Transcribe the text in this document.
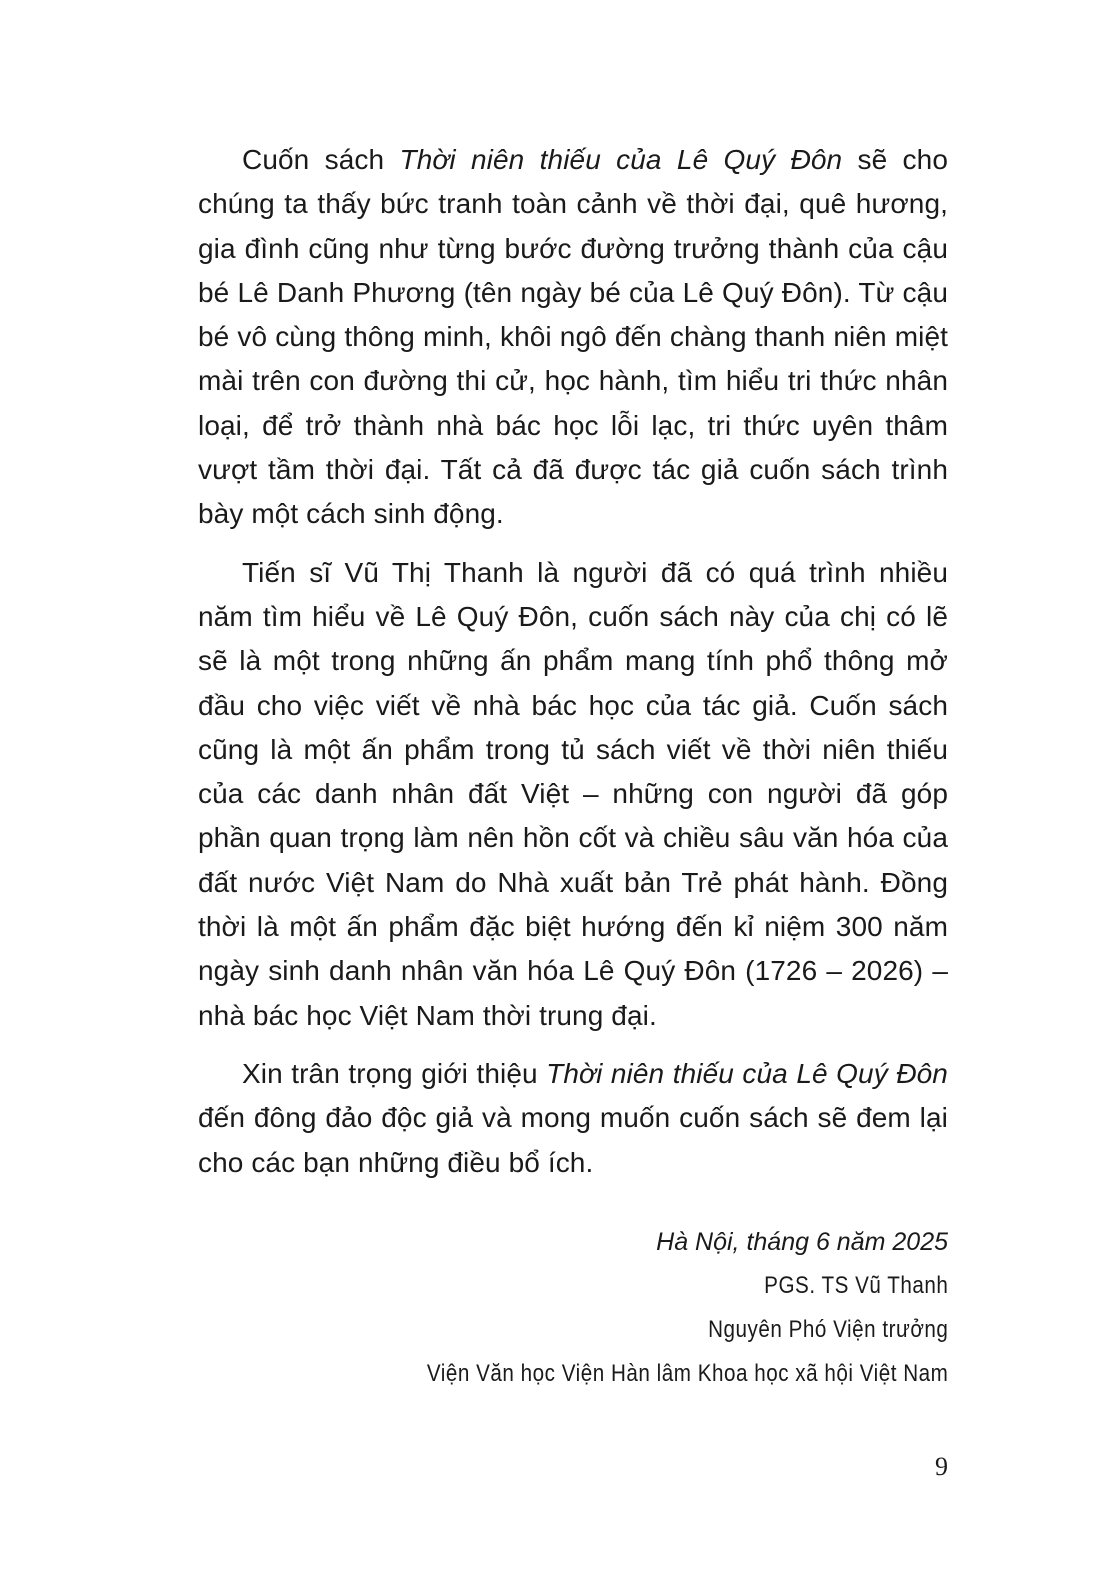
Cuốn sách Thời niên thiếu của Lê Quý Đôn sẽ cho chúng ta thấy bức tranh toàn cảnh về thời đại, quê hương, gia đình cũng như từng bước đường trưởng thành của cậu bé Lê Danh Phương (tên ngày bé của Lê Quý Đôn). Từ cậu bé vô cùng thông minh, khôi ngô đến chàng thanh niên miệt mài trên con đường thi cử, học hành, tìm hiểu tri thức nhân loại, để trở thành nhà bác học lỗi lạc, tri thức uyên thâm vượt tầm thời đại. Tất cả đã được tác giả cuốn sách trình bày một cách sinh động.

Tiến sĩ Vũ Thị Thanh là người đã có quá trình nhiều năm tìm hiểu về Lê Quý Đôn, cuốn sách này của chị có lẽ sẽ là một trong những ấn phẩm mang tính phổ thông mở đầu cho việc viết về nhà bác học của tác giả. Cuốn sách cũng là một ấn phẩm trong tủ sách viết về thời niên thiếu của các danh nhân đất Việt – những con người đã góp phần quan trọng làm nên hồn cốt và chiều sâu văn hóa của đất nước Việt Nam do Nhà xuất bản Trẻ phát hành. Đồng thời là một ấn phẩm đặc biệt hướng đến kỉ niệm 300 năm ngày sinh danh nhân văn hóa Lê Quý Đôn (1726 – 2026) – nhà bác học Việt Nam thời trung đại.

Xin trân trọng giới thiệu Thời niên thiếu của Lê Quý Đôn đến đông đảo độc giả và mong muốn cuốn sách sẽ đem lại cho các bạn những điều bổ ích.

Hà Nội, tháng 6 năm 2025

PGS. TS Vũ Thanh

Nguyên Phó Viện trưởng

Viện Văn học Viện Hàn lâm Khoa học xã hội Việt Nam

9
